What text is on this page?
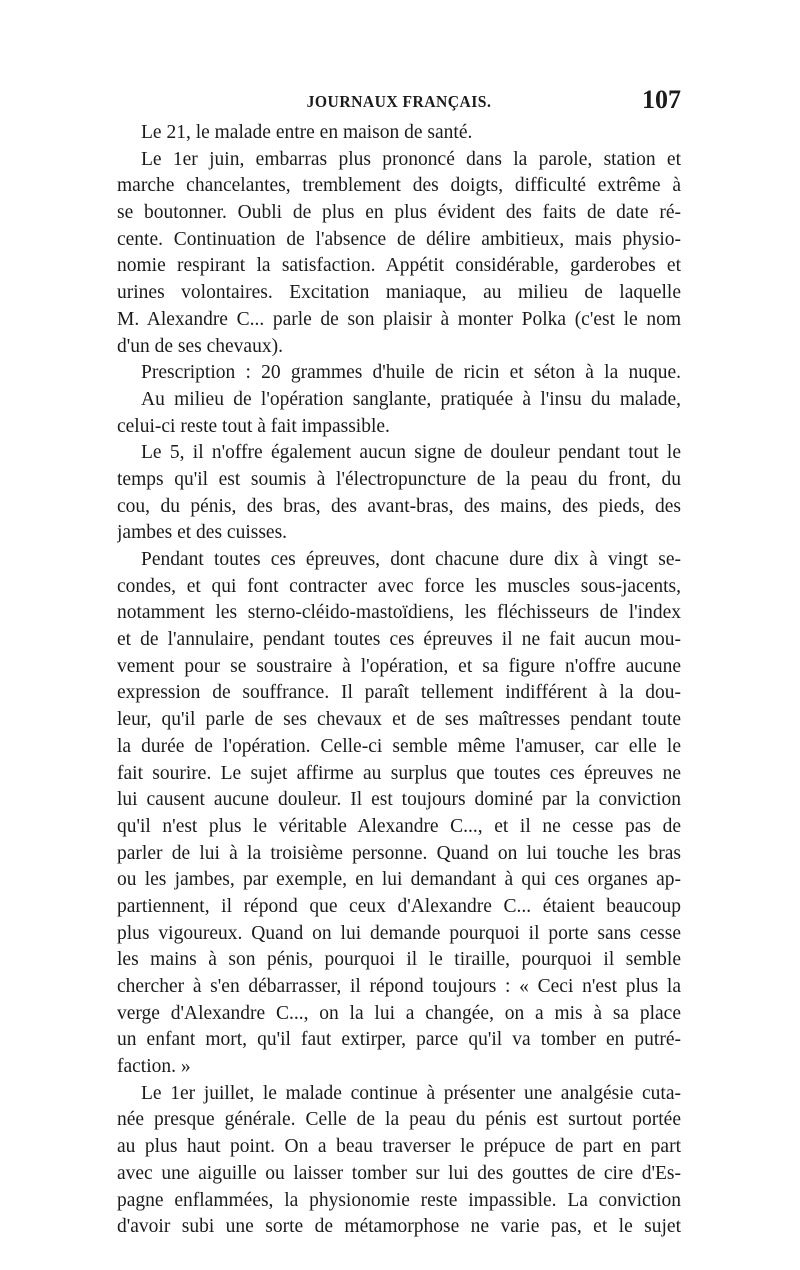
JOURNAUX FRANÇAIS.	107
Le 21, le malade entre en maison de santé.
Le 1er juin, embarras plus prononcé dans la parole, station et
marche chancelantes, tremblement des doigts, difficulté extrême à
se boutonner. Oubli de plus en plus évident des faits de date ré-
cente. Continuation de l'absence de délire ambitieux, mais physio-
nomie respirant la satisfaction. Appétit considérable, garderobes et
urines volontaires. Excitation maniaque, au milieu de laquelle
M. Alexandre C... parle de son plaisir à monter Polka (c'est le nom
d'un de ses chevaux).
Prescription : 20 grammes d'huile de ricin et séton à la nuque.
Au milieu de l'opération sanglante, pratiquée à l'insu du malade,
celui-ci reste tout à fait impassible.
Le 5, il n'offre également aucun signe de douleur pendant tout le
temps qu'il est soumis à l'électropuncture de la peau du front, du
cou, du pénis, des bras, des avant-bras, des mains, des pieds, des
jambes et des cuisses.
Pendant toutes ces épreuves, dont chacune dure dix à vingt se-
condes, et qui font contracter avec force les muscles sous-jacents,
notamment les sterno-cléido-mastoïdiens, les fléchisseurs de l'index
et de l'annulaire, pendant toutes ces épreuves il ne fait aucun mou-
vement pour se soustraire à l'opération, et sa figure n'offre aucune
expression de souffrance. Il paraît tellement indifférent à la dou-
leur, qu'il parle de ses chevaux et de ses maîtresses pendant toute
la durée de l'opération. Celle-ci semble même l'amuser, car elle le
fait sourire. Le sujet affirme au surplus que toutes ces épreuves ne
lui causent aucune douleur. Il est toujours dominé par la conviction
qu'il n'est plus le véritable Alexandre C..., et il ne cesse pas de
parler de lui à la troisième personne. Quand on lui touche les bras
ou les jambes, par exemple, en lui demandant à qui ces organes ap-
partiennent, il répond que ceux d'Alexandre C... étaient beaucoup
plus vigoureux. Quand on lui demande pourquoi il porte sans cesse
les mains à son pénis, pourquoi il le tiraille, pourquoi il semble
chercher à s'en débarrasser, il répond toujours : « Ceci n'est plus la
verge d'Alexandre C..., on la lui a changée, on a mis à sa place
un enfant mort, qu'il faut extirper, parce qu'il va tomber en putré-
faction. »
Le 1er juillet, le malade continue à présenter une analgésie cuta-
née presque générale. Celle de la peau du pénis est surtout portée
au plus haut point. On a beau traverser le prépuce de part en part
avec une aiguille ou laisser tomber sur lui des gouttes de cire d'Es-
pagne enflammées, la physionomie reste impassible. La conviction
d'avoir subi une sorte de métamorphose ne varie pas, et le sujet
